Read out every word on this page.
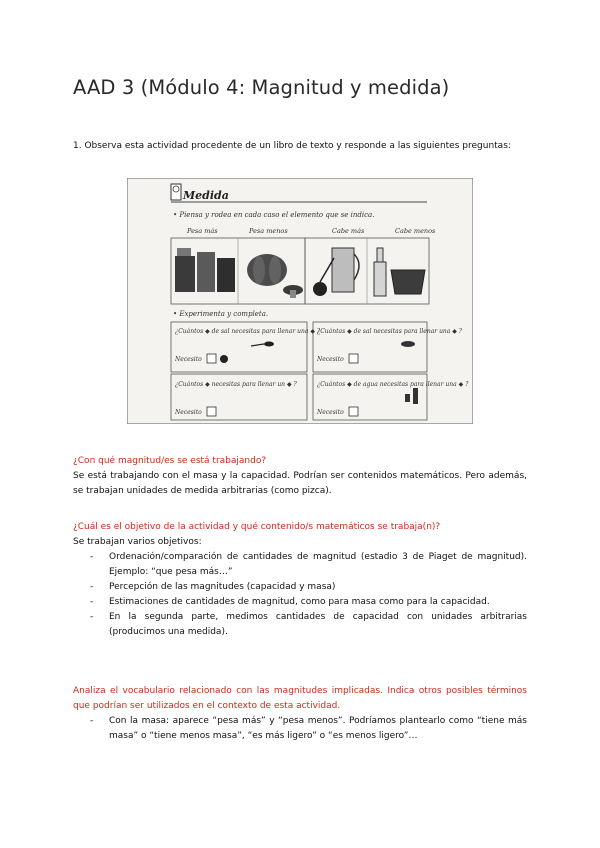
AAD 3 (Módulo 4: Magnitud y medida)

1. Observa esta actividad procedente de un libro de texto y responde a las siguientes preguntas:

Medida
• Piensa y rodea en cada caso el elemento que se indica.
Pesa más	Pesa menos	Cabe más	Cabe menos
• Experimenta y completa.
¿Cuántos ◆ de sal necesitas para llenar una ◆ ?
¿Cuántas ◆ de sal necesitas para llenar una ◆ ?
¿Cuántos ◆ necesitas para llenar un ◆ ?	¿Cuántos ◆ de agua necesitas para llenar una ◆ ?
Necesito	Necesito
Necesito	Necesito

¿Con qué magnitud/es se está trabajando?

Se está trabajando con el masa y la capacidad. Podrían ser contenidos matemáticos. Pero además, se trabajan unidades de medida arbitrarias (como pizca).

¿Cuál es el objetivo de la actividad y qué contenido/s matemáticos se trabaja(n)?

Se trabajan varios objetivos:

- Ordenación/comparación de cantidades de magnitud (estadio 3 de Piaget de magnitud). Ejemplo: “que pesa más…”
- Percepción de las magnitudes (capacidad y masa)
- Estimaciones de cantidades de magnitud, como para masa como para la capacidad.
- En la segunda parte, medimos cantidades de capacidad con unidades arbitrarias (producimos una medida).

Analiza el vocabulario relacionado con las magnitudes implicadas. Indica otros posibles términos que podrían ser utilizados en el contexto de esta actividad.

- Con la masa: aparece “pesa más” y “pesa menos”. Podríamos plantearlo como “tiene más masa” o “tiene menos masa”, “es más ligero” o “es menos ligero”…
